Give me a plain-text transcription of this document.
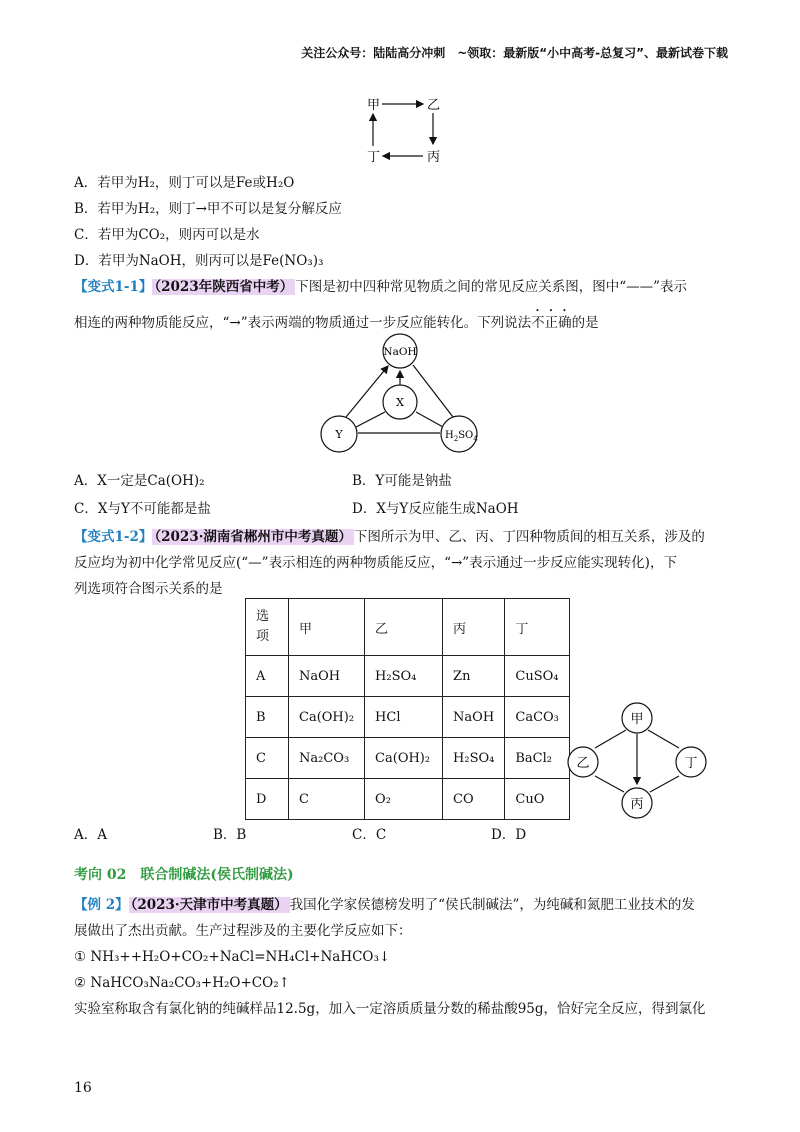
关注公众号：陆陆高分冲刺　~领取：最新版“小中高考-总复习”、最新试卷下载
甲	乙
丁	丙
A．若甲为H₂，则丁可以是Fe或H₂O
B．若甲为H₂，则丁→甲不可以是复分解反应
C．若甲为CO₂，则丙可以是水
D．若甲为NaOH，则丙可以是Fe(NO₃)₃
【变式1-1】 （2023年陕西省中考） 下图是初中四种常见物质之间的常见反应关系图，图中“——”表示
相连的两种物质能反应，“→”表示两端的物质通过一步反应能转化。下列说法不正确的是
NaOH
X
Y	$H_2SO_4$
A．X一定是Ca(OH)₂	B．Y可能是钠盐
C．X与Y不可能都是盐	D．X与Y反应能生成NaOH
【变式1-2】 （2023·湖南省郴州市中考真题） 下图所示为甲、乙、丙、丁四种物质间的相互关系，涉及的
反应均为初中化学常见反应(“—”表示相连的两种物质能反应，“→”表示通过一步反应能实现转化)，下
列选项符合图示关系的是
选
项	甲	乙	丙	丁
A	NaOH	H₂SO₄	Zn	CuSO₄
B	Ca(OH)₂	HCl	NaOH	CaCO₃
C	Na₂CO₃	Ca(OH)₂	H₂SO₄	BaCl₂
D	C	O₂	CO	CuO
甲
乙	丁
丙
A．A	B．B	C．C	D．D
考向 02　联合制碱法(侯氏制碱法)
【例 2】 （2023·天津市中考真题） 我国化学家侯德榜发明了“侯氏制碱法”，为纯碱和氮肥工业技术的发
展做出了杰出贡献。生产过程涉及的主要化学反应如下：
① NH₃++H₂O+CO₂+NaCl=NH₄Cl+NaHCO₃↓
② NaHCO₃Na₂CO₃+H₂O+CO₂↑
实验室称取含有氯化钠的纯碱样品12.5g，加入一定溶质质量分数的稀盐酸95g，恰好完全反应，得到氯化
16
